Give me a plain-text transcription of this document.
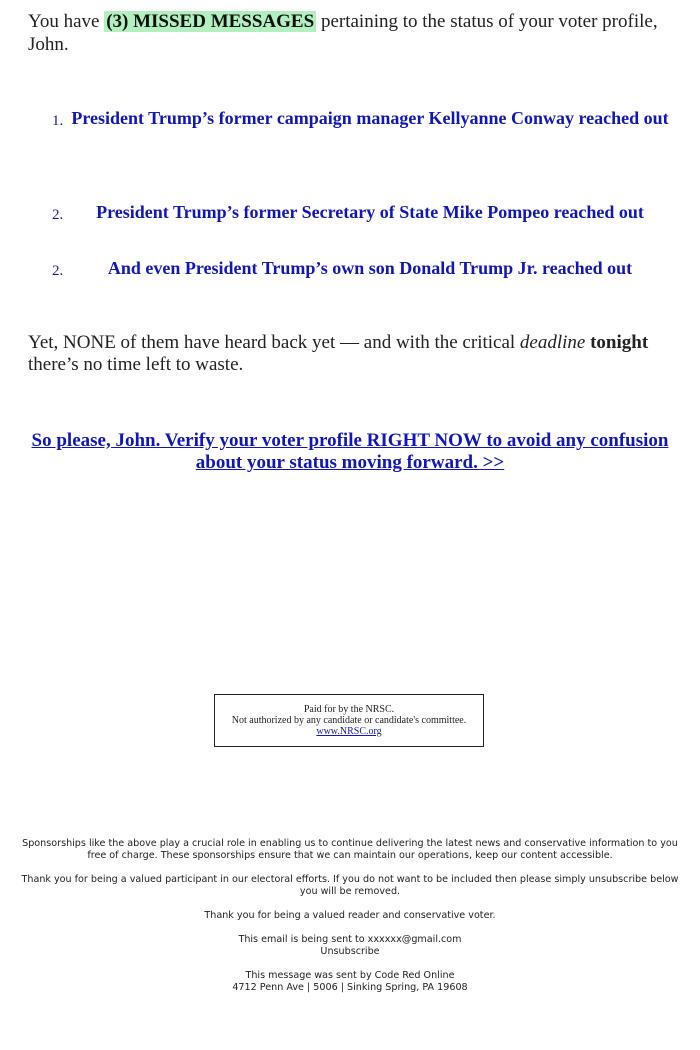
You have (3) MISSED MESSAGES pertaining to the status of your voter profile, John.
1. President Trump’s former campaign manager Kellyanne Conway reached out
2.	President Trump’s former Secretary of State Mike Pompeo reached out
2.	And even President Trump’s own son Donald Trump Jr. reached out
Yet, NONE of them have heard back yet — and with the critical deadline tonight there’s no time left to waste.
So please, John. Verify your voter profile RIGHT NOW to avoid any confusion about your status moving forward. >>
Paid for by the NRSC.
Not authorized by any candidate or candidate's committee.
www.NRSC.org

Sponsorships like the above play a crucial role in enabling us to continue delivering the latest news and conservative information to you free of charge. These sponsorships ensure that we can maintain our operations, keep our content accessible.

Thank you for being a valued participant in our electoral efforts. If you do not want to be included then please simply unsubscribe below you will be removed.

Thank you for being a valued reader and conservative voter.

This email is being sent to xxxxxx@gmail.com
Unsubscribe

This message was sent by Code Red Online
4712 Penn Ave | 5006 | Sinking Spring, PA 19608
